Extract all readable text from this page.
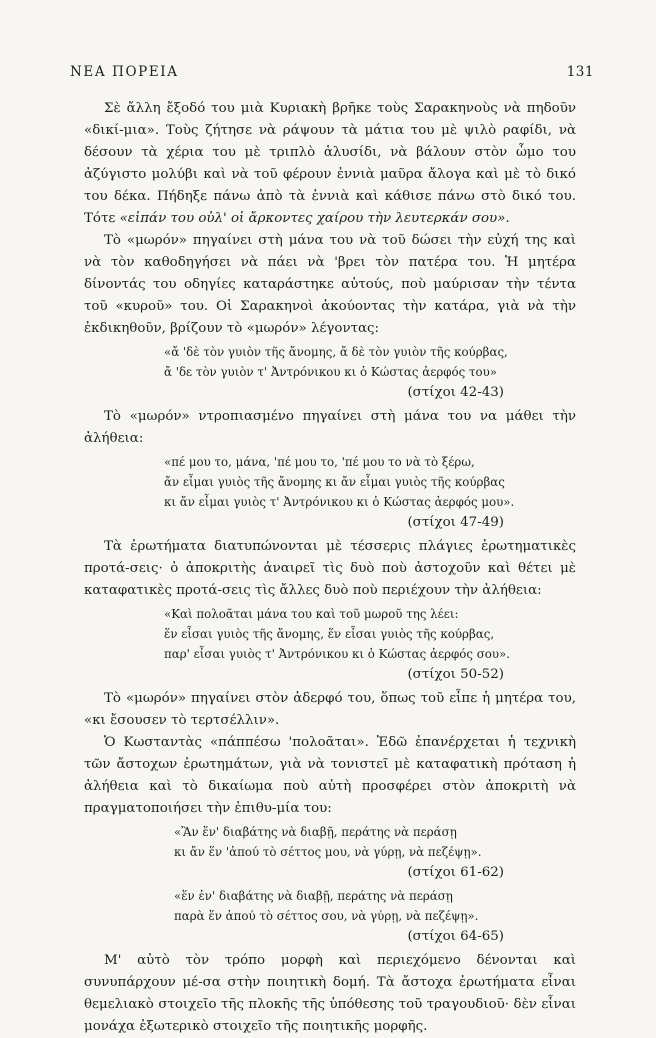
ΝΕΑ ΠΟΡΕΙΑ	131

Σὲ ἄλλη ἔξοδό του μιὰ Κυριακὴ βρῆκε τοὺς Σαρακηνοὺς νὰ πηδοῦν «δικί-μια». Τοὺς ζήτησε νὰ ράψουν τὰ μάτια του μὲ ψιλὸ ραφίδι, νὰ δέσουν τὰ χέρια του μὲ τριπλὸ ἁλυσίδι, νὰ βάλουν στὸν ὦμο του ἀζύγιστο μολύβι καὶ νὰ τοῦ φέρουν ἐννιὰ μαῦρα ἄλογα καὶ μὲ τὸ δικό του δέκα. Πήδηξε πάνω ἀπὸ τὰ ἐννιὰ καὶ κάθισε πάνω στὸ δικό του. Τότε «εἰπάν του οὐλ' οἱ ἄρκοντες χαίρου τὴν λευτερκάν σου».

Τὸ «μωρόν» πηγαίνει στὴ μάνα του νὰ τοῦ δώσει τὴν εὐχή της καὶ νὰ τὸν καθοδηγήσει νὰ πάει νὰ 'βρει τὸν πατέρα του. Ἡ μητέρα δίνοντάς του οδηγίες καταράστηκε αὐτούς, ποὺ μαύρισαν τὴν τέντα τοῦ «κυροῦ» του. Οἱ Σαρακηνοὶ ἀκούοντας τὴν κατάρα, γιὰ νὰ τὴν ἐκδικηθοῦν, βρίζουν τὸ «μωρόν» λέγοντας:

«ἄ 'δὲ τὸν γυιὸν τῆς ἄνομης, ἄ δὲ τὸν γυιὸν τῆς κούρβας,
ἄ 'δε τὸν γυιὸν τ' Ἀντρόνικου κι ὁ Κώστας ἀερφός του»
(στίχοι 42-43)

Τὸ «μωρόν» ντροπιασμένο πηγαίνει στὴ μάνα του να μάθει τὴν ἀλήθεια:

«πέ μου το, μάνα, 'πέ μου το, 'πέ μου το νὰ τὸ ξέρω,
ἄν εἶμαι γυιὸς τῆς ἄνομης κι ἄν εἶμαι γυιὸς τῆς κούρβας
κι ἄν εἶμαι γυιὸς τ' Ἀντρόνικου κι ὁ Κώστας ἀερφός μου».
(στίχοι 47-49)

Τὰ ἐρωτήματα διατυπώνονται μὲ τέσσερις πλάγιες ἐρωτηματικὲς προτά-σεις· ὁ ἀποκριτὴς ἀναιρεῖ τὶς δυὸ ποὺ ἀστοχοῦν καὶ θέτει μὲ καταφατικὲς προτά-σεις τὶς ἄλλες δυὸ ποὺ περιέχουν τὴν ἀλήθεια:

«Καὶ πολοᾶται μάνα του καὶ τοῦ μωροῦ της λέει:
ἕν εἶσαι γυιὸς τῆς ἄνομης, ἕν εἶσαι γυιὸς τῆς κούρβας,
παρ' εἶσαι γυιὸς τ' Ἀντρόνικου κι ὁ Κώστας ἀερφός σου».
(στίχοι 50-52)

Τὸ «μωρόν» πηγαίνει στὸν ἀδερφό του, ὅπως τοῦ εἶπε ἡ μητέρα του, «κι ἔσουσεν τὸ τερτσέλλιν».

Ὁ Κωσταντὰς «πάππέσω 'πολοᾶται». Ἐδῶ ἐπανέρχεται ἡ τεχνικὴ τῶν ἄστοχων ἐρωτημάτων, γιὰ νὰ τονιστεῖ μὲ καταφατικὴ πρόταση ἡ ἀλήθεια καὶ τὸ δικαίωμα ποὺ αὐτὴ προσφέρει στὸν ἀποκριτὴ νὰ πραγματοποιήσει τὴν ἐπιθυ-μία του:

«Ἂν ἕν' διαβάτης νὰ διαβῇ, περάτης νὰ περάσῃ
κι ἄν ἕν 'ἀπού τὸ σέττος μου, νὰ γύρῃ, νὰ πεζέψῃ».
(στίχοι 61-62)
«ἕν ἐν' διαβάτης νὰ διαβῇ, περάτης νὰ περάσῃ
παρὰ ἕν ἀπού τὸ σέττος σου, νὰ γύρῃ, νὰ πεζέψῃ».
(στίχοι 64-65)

Μ' αὐτὸ τὸν τρόπο μορφὴ καὶ περιεχόμενο δένονται καὶ συνυπάρχουν μέ-σα στὴν ποιητικὴ δομή. Τὰ ἄστοχα ἐρωτήματα εἶναι θεμελιακὸ στοιχεῖο τῆς πλοκῆς τῆς ὑπόθεσης τοῦ τραγουδιοῦ· δὲν εἶναι μονάχα ἐξωτερικὸ στοιχεῖο τῆς ποιητικῆς μορφῆς.
